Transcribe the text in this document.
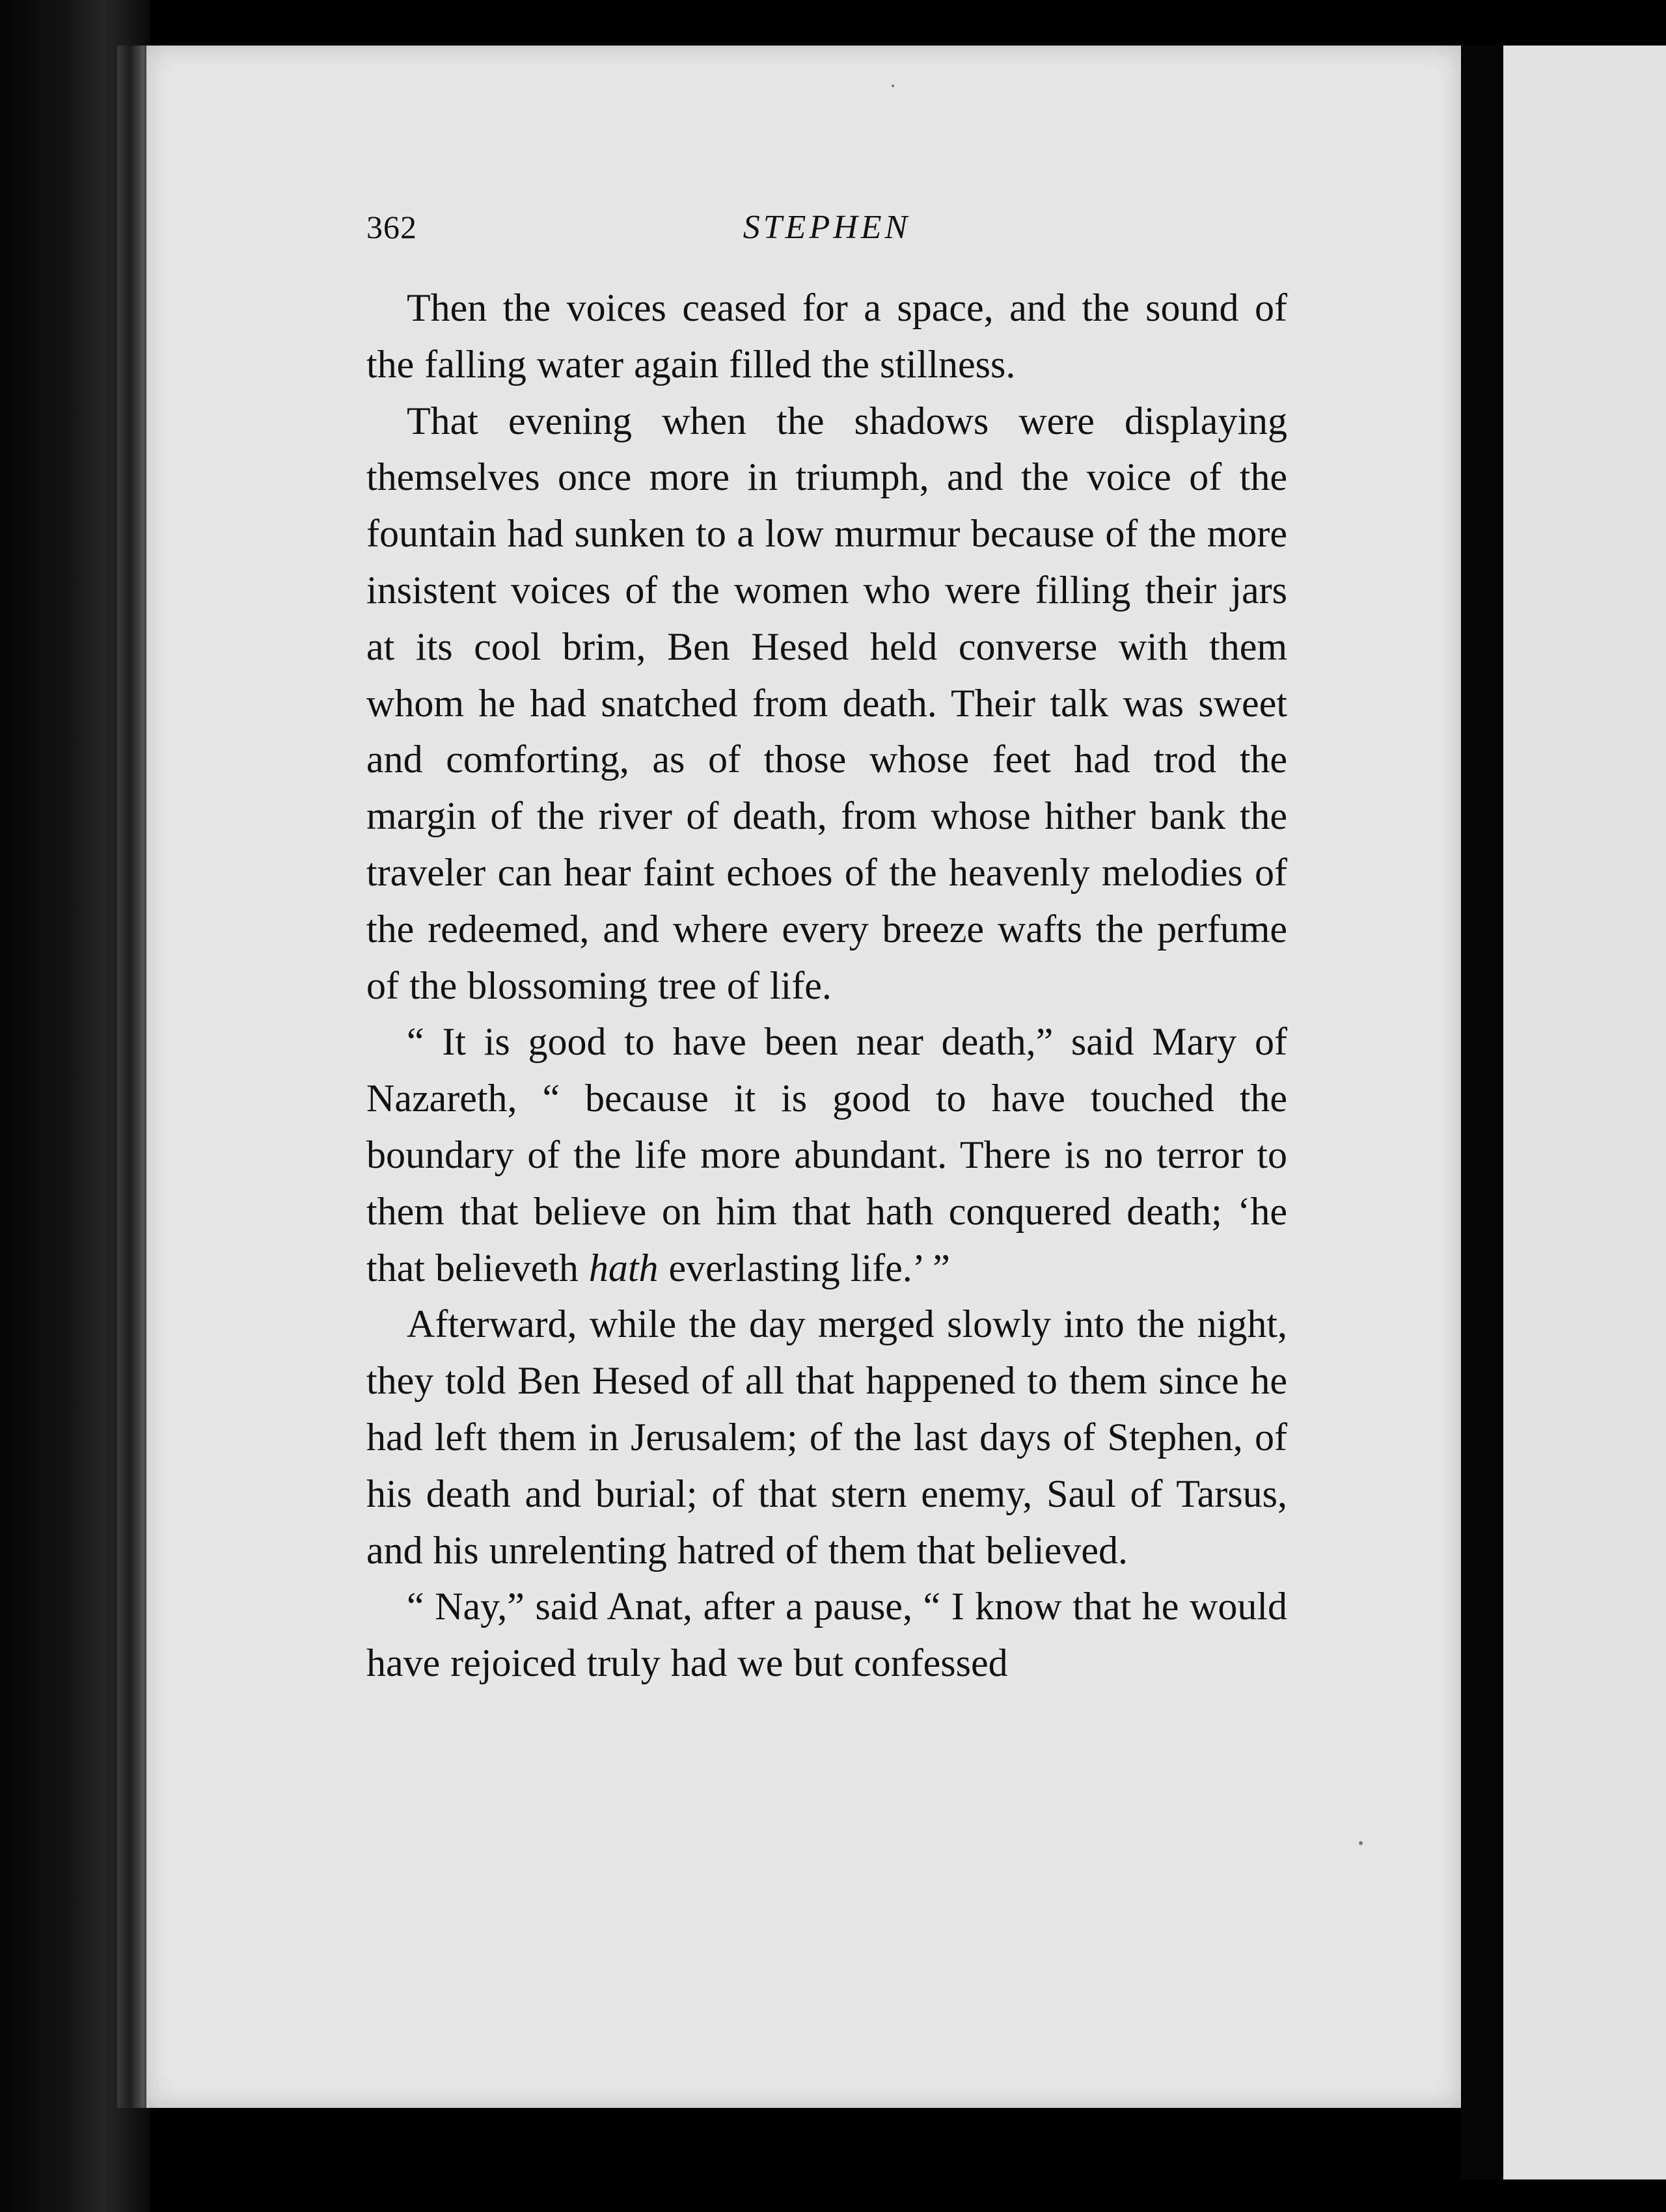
362	STEPHEN

Then the voices ceased for a space, and the sound of the falling water again filled the stillness.

That evening when the shadows were displaying themselves once more in triumph, and the voice of the fountain had sunken to a low murmur because of the more insistent voices of the women who were filling their jars at its cool brim, Ben Hesed held converse with them whom he had snatched from death. Their talk was sweet and comforting, as of those whose feet had trod the margin of the river of death, from whose hither bank the traveler can hear faint echoes of the heavenly melodies of the redeemed, and where every breeze wafts the perfume of the blossoming tree of life.

“ It is good to have been near death,” said Mary of Nazareth, “ because it is good to have touched the boundary of the life more abundant. There is no terror to them that believe on him that hath conquered death; ‘he that believeth hath everlasting life.’ ”

Afterward, while the day merged slowly into the night, they told Ben Hesed of all that happened to them since he had left them in Jerusalem; of the last days of Stephen, of his death and burial; of that stern enemy, Saul of Tarsus, and his unrelenting hatred of them that believed.

“ Nay,” said Anat, after a pause, “ I know that he would have rejoiced truly had we but confessed
